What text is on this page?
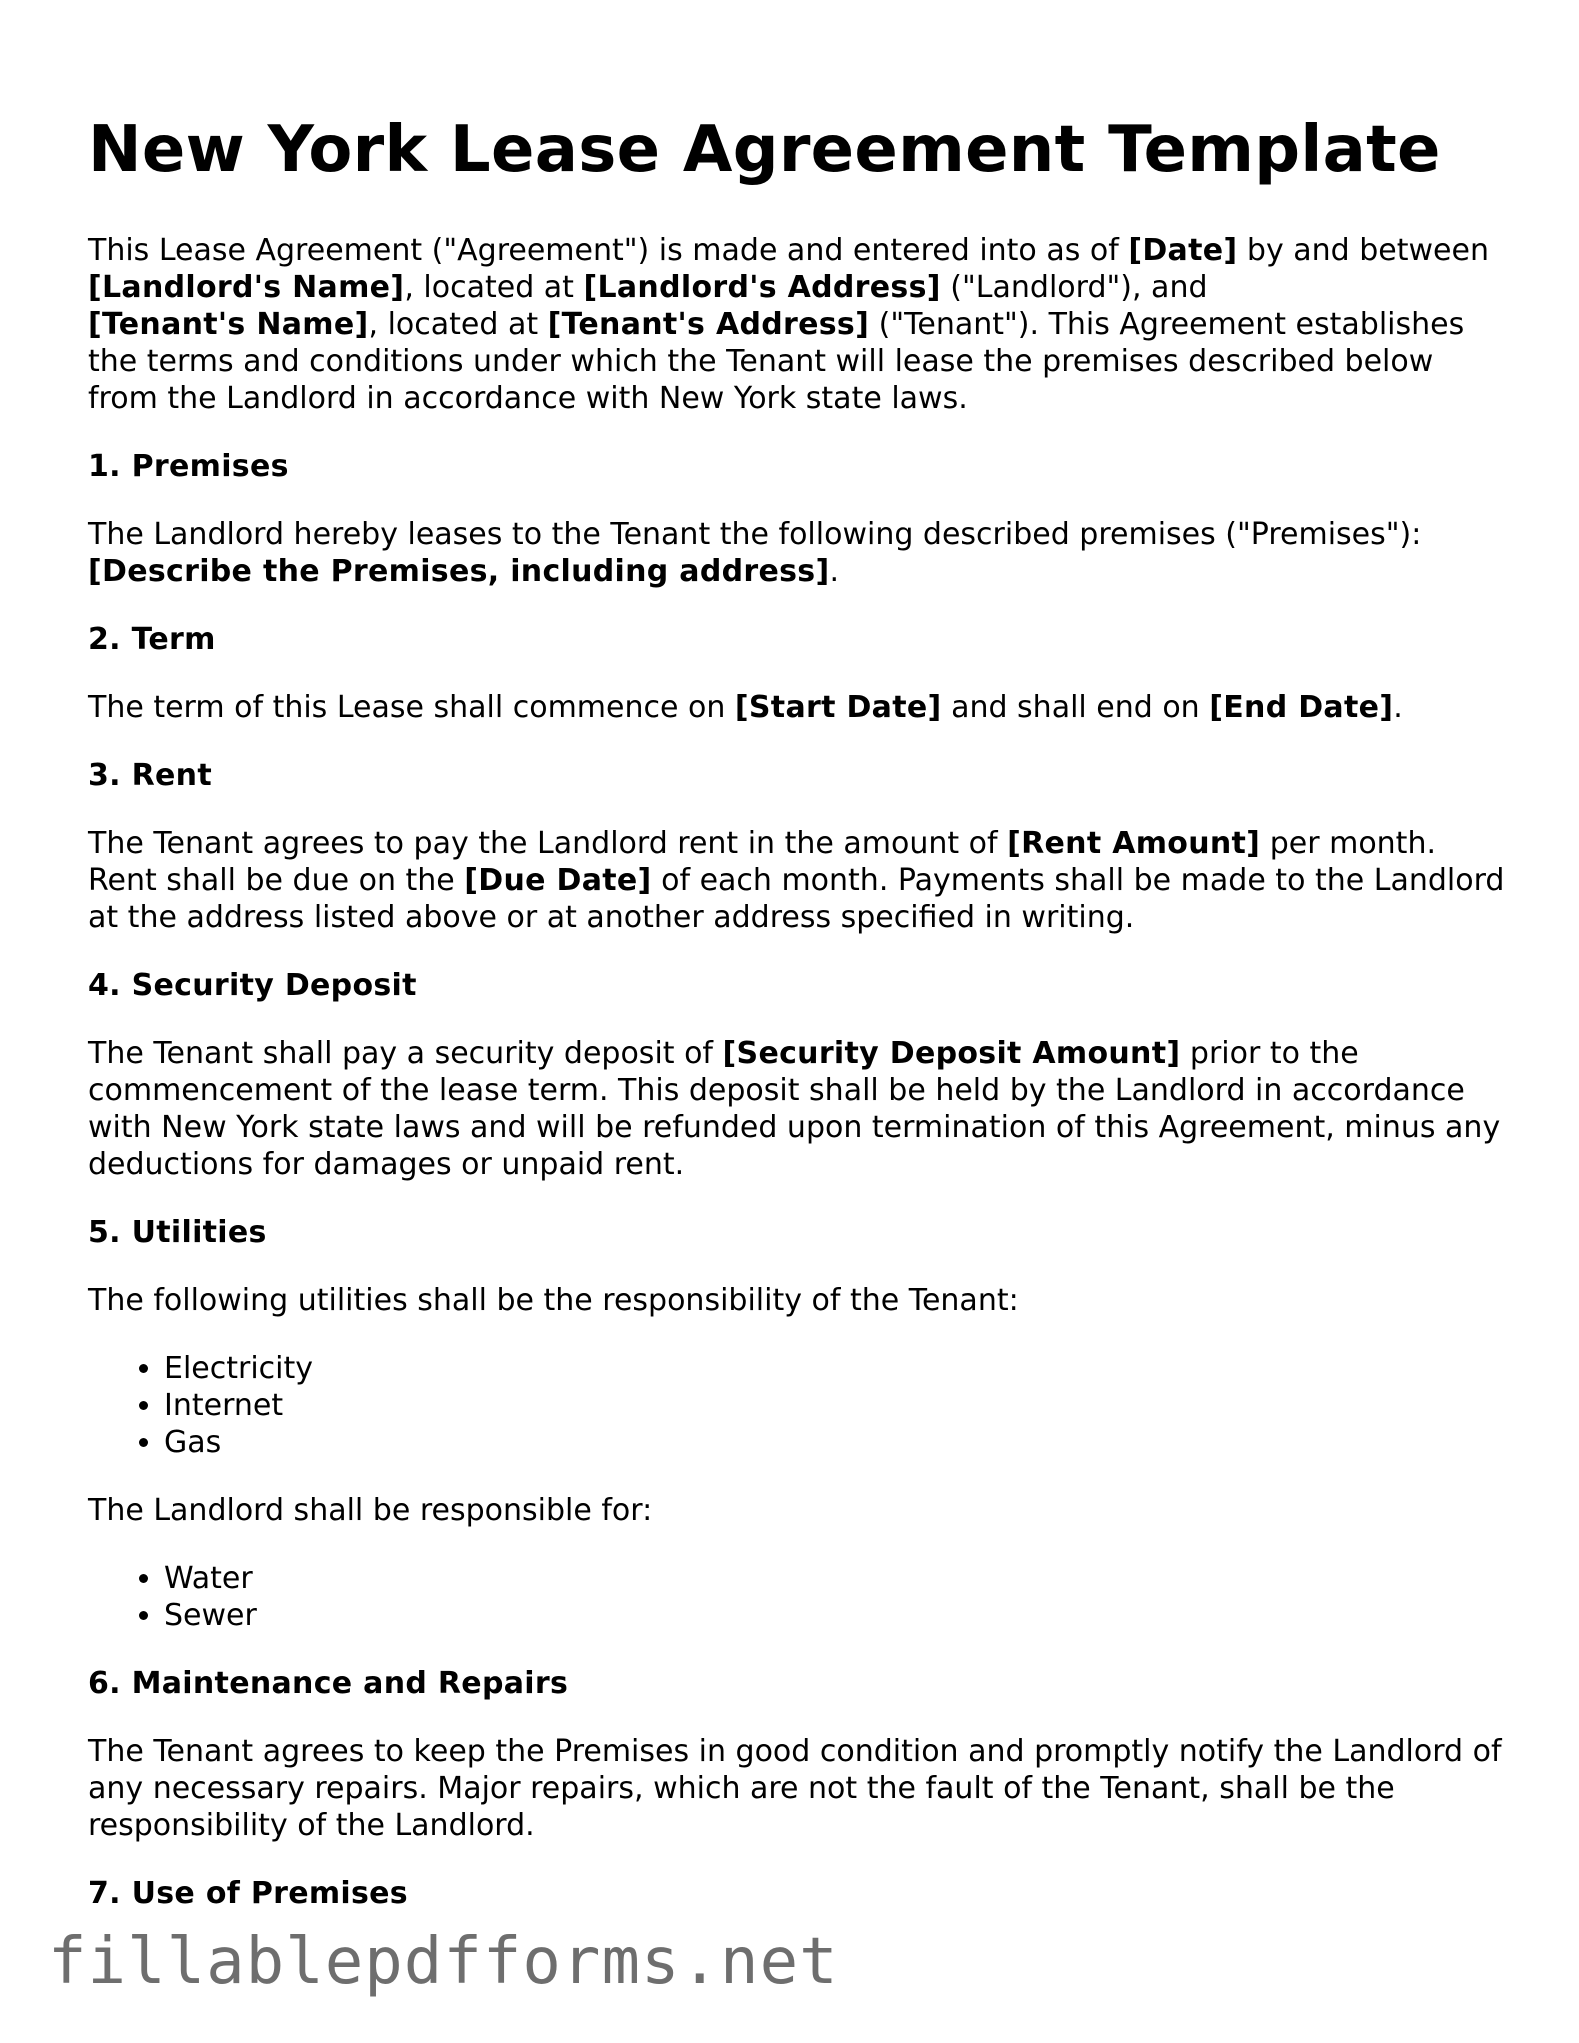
New York Lease Agreement Template

This Lease Agreement ("Agreement") is made and entered into as of [Date] by and between [Landlord's Name], located at [Landlord's Address] ("Landlord"), and
[Tenant's Name], located at [Tenant's Address] ("Tenant"). This Agreement establishes the terms and conditions under which the Tenant will lease the premises described below from the Landlord in accordance with New York state laws.

1. Premises

The Landlord hereby leases to the Tenant the following described premises ("Premises"):
[Describe the Premises, including address].

2. Term

The term of this Lease shall commence on [Start Date] and shall end on [End Date].

3. Rent

The Tenant agrees to pay the Landlord rent in the amount of [Rent Amount] per month. Rent shall be due on the [Due Date] of each month. Payments shall be made to the Landlord at the address listed above or at another address specified in writing.

4. Security Deposit

The Tenant shall pay a security deposit of [Security Deposit Amount] prior to the commencement of the lease term. This deposit shall be held by the Landlord in accordance with New York state laws and will be refunded upon termination of this Agreement, minus any deductions for damages or unpaid rent.

5. Utilities

The following utilities shall be the responsibility of the Tenant:

• Electricity
• Internet
• Gas

The Landlord shall be responsible for:

• Water
• Sewer
6. Maintenance and Repairs

The Tenant agrees to keep the Premises in good condition and promptly notify the Landlord of any necessary repairs. Major repairs, which are not the fault of the Tenant, shall be the responsibility of the Landlord.

7. Use of Premises
fillablepdfforms.net
